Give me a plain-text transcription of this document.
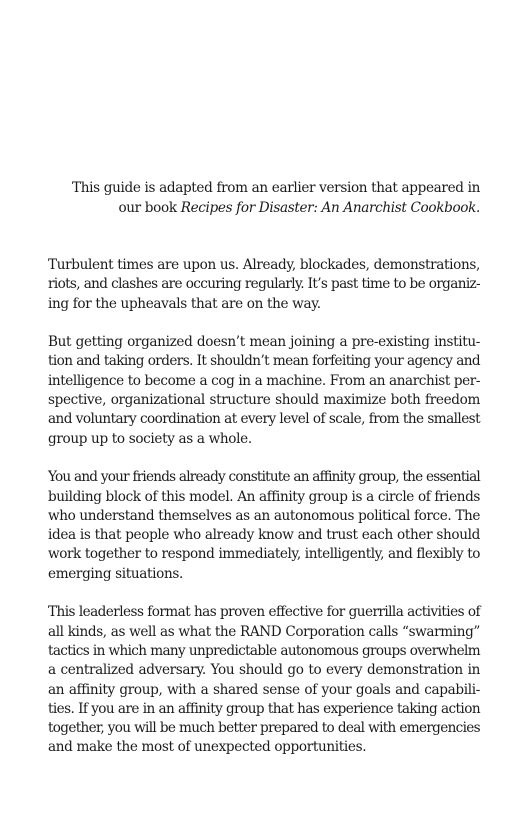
This guide is adapted from an earlier version that appeared in
our book Recipes for Disaster: An Anarchist Cookbook.

Turbulent times are upon us. Already, blockades, demonstrations,
riots, and clashes are occuring regularly. It’s past time to be organiz-
ing for the upheavals that are on the way.

But getting organized doesn’t mean joining a pre-existing institu-
tion and taking orders. It shouldn’t mean forfeiting your agency and
intelligence to become a cog in a machine. From an anarchist per-
spective, organizational structure should maximize both freedom
and voluntary coordination at every level of scale, from the smallest
group up to society as a whole.

You and your friends already constitute an affinity group, the essential
building block of this model. An affinity group is a circle of friends
who understand themselves as an autonomous political force. The
idea is that people who already know and trust each other should
work together to respond immediately, intelligently, and flexibly to
emerging situations.

This leaderless format has proven effective for guerrilla activities of
all kinds, as well as what the RAND Corporation calls “swarming”
tactics in which many unpredictable autonomous groups overwhelm
a centralized adversary. You should go to every demonstration in
an affinity group, with a shared sense of your goals and capabili-
ties. If you are in an affinity group that has experience taking action
together, you will be much better prepared to deal with emergencies
and make the most of unexpected opportunities.
